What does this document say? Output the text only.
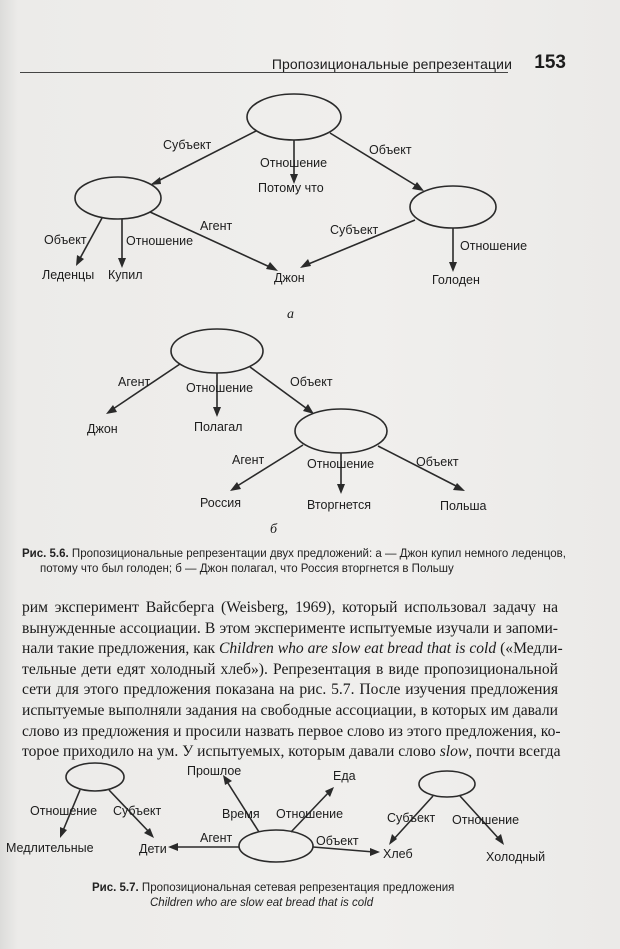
Пропозициональные репрезентации 153
Субъект
Отношение
Потому что
Объект
Объект	Отношение
Агент	Субъект
Отношение
Леденцы Купил	Джон	Голоден
а
Агент	Отношение	Объект
Джон	Полагал
Агент	Отношение	Объект
Россия	Вторгнется	Польша
б
Прошлое	Еда
Отношение Субъект	Время Отношение	Субъект Отношение
Агент	Объект
Медлительные	Дети	Хлеб	Холодный
Рис. 5.6. Пропозициональные репрезентации двух предложений: а — Джон купил немного леденцов,
потому что был голоден; б — Джон полагал, что Россия вторгнется в Польшу
рим эксперимент Вайсберга (Weisberg, 1969), который использовал задачу на
вынужденные ассоциации. В этом эксперименте испытуемые изучали и запоми-
нали такие предложения, как Children who are slow eat bread that is cold («Медли-
тельные дети едят холодный хлеб»). Репрезентация в виде пропозициональной
сети для этого предложения показана на рис. 5.7. После изучения предложения
испытуемые выполняли задания на свободные ассоциации, в которых им давали
слово из предложения и просили назвать первое слово из этого предложения, ко-
торое приходило на ум. У испытуемых, которым давали слово slow, почти всегда
Рис. 5.7. Пропозициональная сетевая репрезентация предложения
Children who are slow eat bread that is cold
